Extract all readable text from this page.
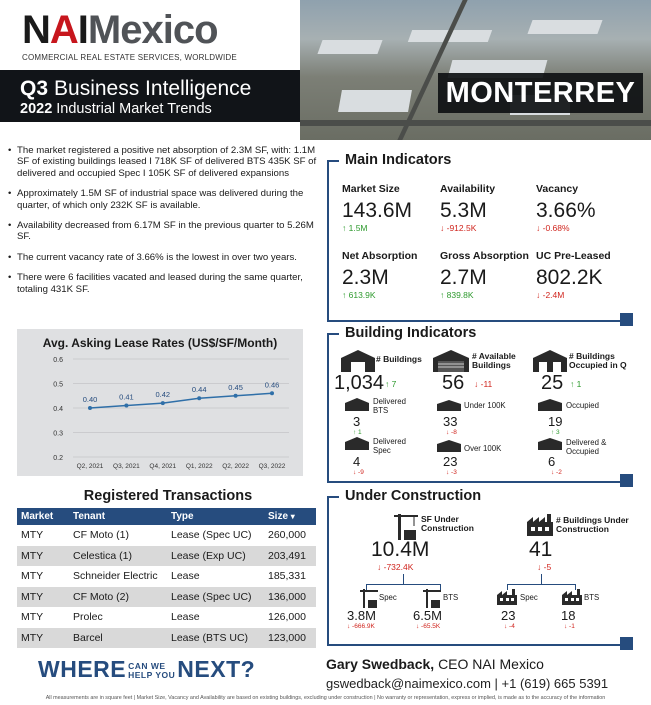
NAIMexico
COMMERCIAL REAL ESTATE SERVICES, WORLDWIDE
Q3 Business Intelligence
2022 Industrial Market Trends	MONTERREY
• The market registered a positive net absorption of 2.3M SF, with: 1.1M SF of existing buildings leased I 718K SF of delivered BTS 435K SF of delivered and occupied Spec I 105K SF of delivered expansions
• Approximately 1.5M SF of industrial space was delivered during the quarter, of which only 232K SF is available.
• Availability decreased from 6.17M SF in the previous quarter to 5.26M SF.
• The current vacancy rate of 3.66% is the lowest in over two years.
• There were 6 facilities vacated and leased during the same quarter, totaling 431K SF.
0.2
0.3
0.4
0.5
0.6
Q2, 2021 Q3, 2021 Q4, 2021 Q1, 2022 Q2, 2022 Q3, 2022
0.40	0.41	0.42
0.44	0.45	0.46
Avg. Asking Lease Rates (US$/SF/Month)
Registered Transactions
Market	Tenant	Type	Size ▾
MTY	CF Moto (1)	Lease (Spec UC)	260,000
MTY	Celestica (1)	Lease (Exp UC)	203,491
MTY	Schneider Electric	Lease	185,331
MTY	CF Moto (2)	Lease (Spec UC)	136,000
MTY	Prolec	Lease	126,000
MTY	Barcel	Lease (BTS UC)	123,000
Main Indicators
Market Size
143.6M
↑ 1.5M
Availability
5.3M
↓ -912.5K
Vacancy
3.66%
↓ -0.68%
Net Absorption
2.3M
↑ 613.9K
Gross Absorption
2.7M
↑ 839.8K
UC Pre-Leased
802.2K
↓ -2.4M
Building Indicators
# Buildings
1,034 ↑ 7
# Available Buildings
56 ↓ -11
# Buildings Occupied in Q
25 ↑ 1
Delivered BTS
3
↑ 1
Under 100K
33
↓ -8
Occupied
19
↑ 3
Delivered Spec
4
↓ -9
Over 100K
23
↓ -3
Delivered & Occupied
6
↓ -2
Under Construction
SF Under Construction
10.4M
↓ -732.4K
Spec
3.8M
↓ -666.9K
BTS
6.5M
↓ -65.5K
# Buildings Under Construction
41
↓ -5
Spec
23
↓ -4
BTS
18
↓ -1
WHERE CAN WE
HELP YOUNEXT?	Gary Swedback, CEO NAI Mexico
gswedback@naimexico.com | +1 (619) 665 5391
All measurements are in square feet | Market Size, Vacancy and Availability are based on existing buildings, excluding under construction | No warranty or representation, express or implied, is made as to the accuracy of the information
